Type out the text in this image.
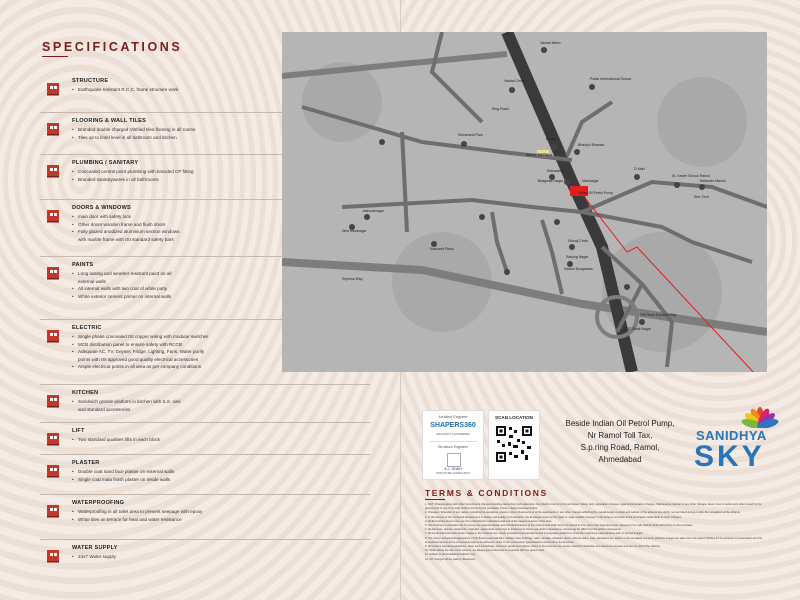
SPECIFICATIONS
STRUCTURE
• Earthquake resistant R.C.C. frame structure work
FLOORING & WALL TILES
• Branded double charged Vitrified tiles flooring in all rooms
• Tiles up to lintel level in all bathroom and kitchen
PLUMBING / SANITARY
• Concealed central point plumbing with branded CP fitting
• Branded sanitarywares in all bathrooms
DOORS & WINDOWS
• main door with safety lock
• Other doors wooden frame and flush doors
• Fully glazed anodized aluminium section windows
with marble frame with ISI standard safety bars
PAINTS
• Long lasting and weather resistant paint on all
external walls
• All internal walls with two coat of white putty
• White exterior cement primer on internal walls
ELECTRIC
• Single phase concealed ISI copper wiring with modular switches
• MCB distribution panel to ensure safety with RCCB
• Adequate AC, TV, Geyser, Fridge, Lighting, Fans, Water purify
points with ISI approved good quality electrical accessories
• Ample electrical points in all area as per company conditions
KITCHEN
• Sandwich granite platform in kitchen with S.S. sink
and standard accessories
LIFT
• Two standard qualities lifts in each block
PLASTER
• Double coat sand face plaster on external walls
• Single coat mala finish plaster on inside walls
WATERPROOFING
• Waterproofing in all toilet area to prevent seepage with epoxy
• White tiles on terrace for heat and water resistance
WATER SUPPLY
• 24x7 Water supply
Vastral Metro
Vastral Circle	Podar International School
Shivanand Park
Ramol
Bhadiyo Bhansal
Ratnadeep
Jashodanagar
New Maninagar
Kankaria Plaza
Shivaji Circle
Ramol Toll Plaza
Bhagwati Nagar
D-Mart
St. Xavier School Ramol
Mahadev Mandir
Maninagar
Kalash Bungalows
Sahyog Nagar
Toll Plaza Express Way
GSC Bank Nagar
Shiv Tech
Indian Oil Petrol Pump
Ring Road
Express Way
Architect Engineer
SHAPERS360
ARCHITECT & ENGINEERS
Structure Engineer
A.J. SHAH
STRUCTURE CONSULTANT
SCAN LOCATION
Beside Indian Oil Petrol Pump,
Nr Ramol Toll Tax,
S.p.ring Road, Ramol,
Ahmedabad
SANIDHYA
SKY
TERMS & CONDITIONS

1. GST, Charges along with other Government charges including stamp duty and registration cost shall be borne by the purchaser. Stamp duty, registration charges, legal documentation charges, Maintenance deposit or any other charges, taxes, cess or levies as & when levied by the government or any of its body shall be borne by the purchaser. Future / legal processes further.

2. Changes / Alteration of any nature, including the elevations, exterior colour of elements or of the apartments or any other changes affecting the overall design concept and outlook of the scheme are strictly not permitted during or after the completion of the scheme.

3. In the interest of the continued development in design and quality of construction, the developer reserves the rights to make suitable changes in the scheme and each of the purchasers shall abide by such changes.

4. All dimensions shown here are from unfinished to unfinished wall and of the largest measure of the area.

5. The brochure is intended only to convey the essential design and technical features of the scheme and shall not be construed to form part of the legal document. Agreement for sale shall be final and binding to the purchaser.

6. All elements, objects, treatments, materials, equipments and props in all elements shown are artist's impressions. Actual may be differ from the artist's impressions.

7. All the architectural and interior images in the brochure are merely simulated representations and a composite graphics to show the customers understanding and not factual images.

8. The colour and general appearance of the flooring and wall tiles, sanitary ware & fittings, walls, carriage, windows, doors, internal stairs, lines, elevations etc. shown in the simulated computer graphics images are taken from the object libraries for the purpose of presentation and the exceptional layouts of the concerned projects as advised in order to the construction specifications mentioned in the brochure.

9. All furniture including appliances, other such furnishings, electronic goods and objects shown in the brochure are merely meant for illustrative and reference purpose and are not part of the offering.

10. While taking the site of the scheme, we always give preference to negotiate with the government.

11. Subject to Ahmedabad jurisdiction only.

12. 20* charges will be paid by developers
